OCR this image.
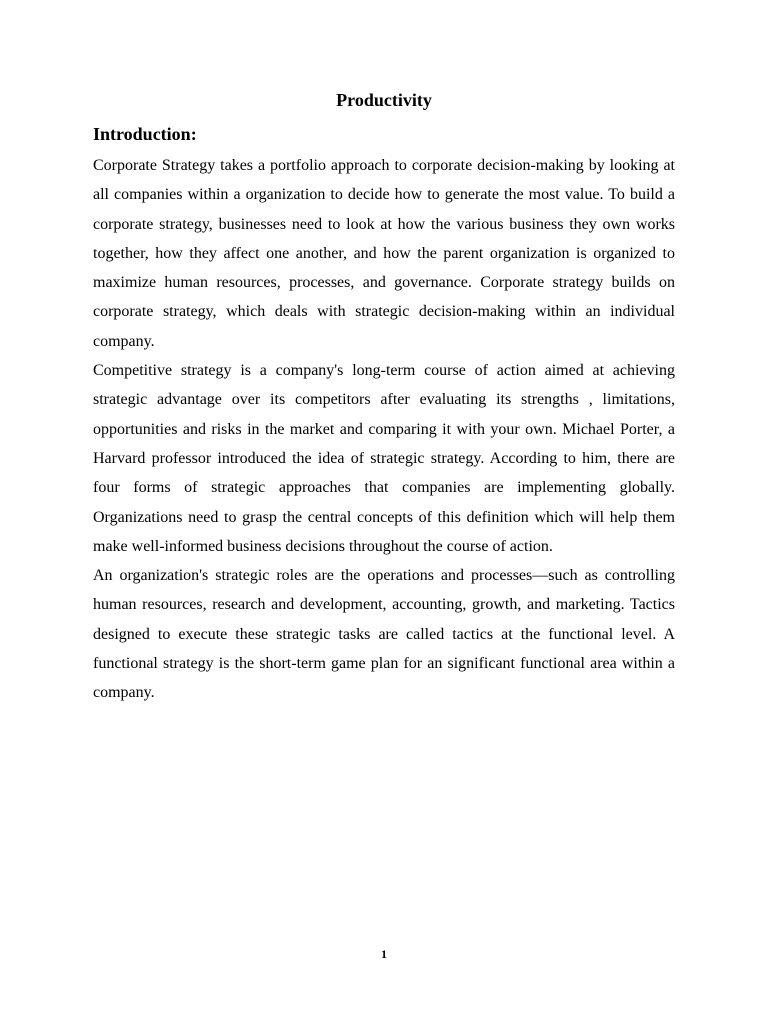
Productivity
Introduction:

Corporate Strategy takes a portfolio approach to corporate decision-making by looking at all companies within a organization to decide how to generate the most value. To build a corporate strategy, businesses need to look at how the various business they own works together, how they affect one another, and how the parent organization is organized to maximize human resources, processes, and governance. Corporate strategy builds on corporate strategy, which deals with strategic decision-making within an individual company.

Competitive strategy is a company's long-term course of action aimed at achieving strategic advantage over its competitors after evaluating its strengths , limitations, opportunities and risks in the market and comparing it with your own. Michael Porter, a Harvard professor introduced the idea of strategic strategy. According to him, there are four forms of strategic approaches that companies are implementing globally. Organizations need to grasp the central concepts of this definition which will help them make well-informed business decisions throughout the course of action.

An organization's strategic roles are the operations and processes—such as controlling human resources, research and development, accounting, growth, and marketing. Tactics designed to execute these strategic tasks are called tactics at the functional level. A functional strategy is the short-term game plan for an significant functional area within a company.

1
